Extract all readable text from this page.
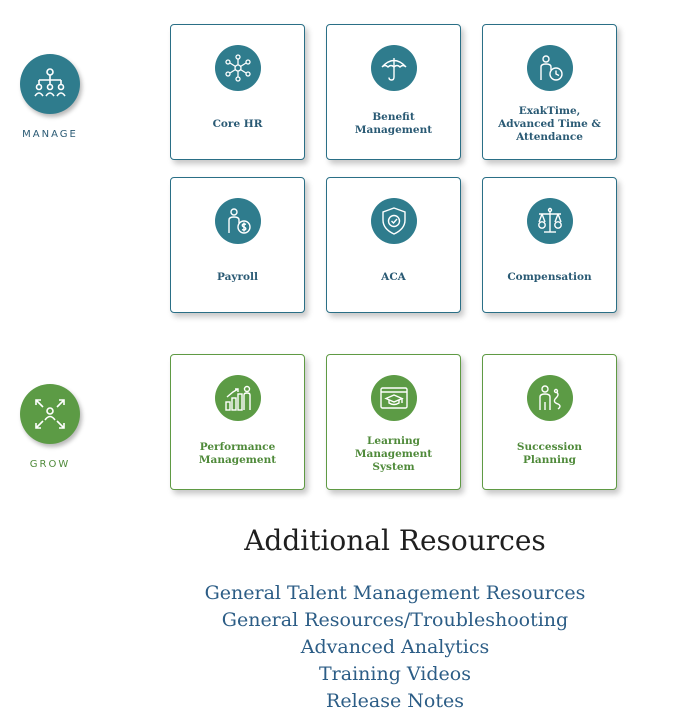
MANAGE
GROW
Core HR
Benefit Management
ExakTime, Advanced Time & Attendance
Payroll	ACA	Compensation
Performance Management
Learning Management System
Succession Planning
Additional Resources
General Talent Management Resources
General Resources/Troubleshooting
Advanced Analytics
Training Videos
Release Notes
